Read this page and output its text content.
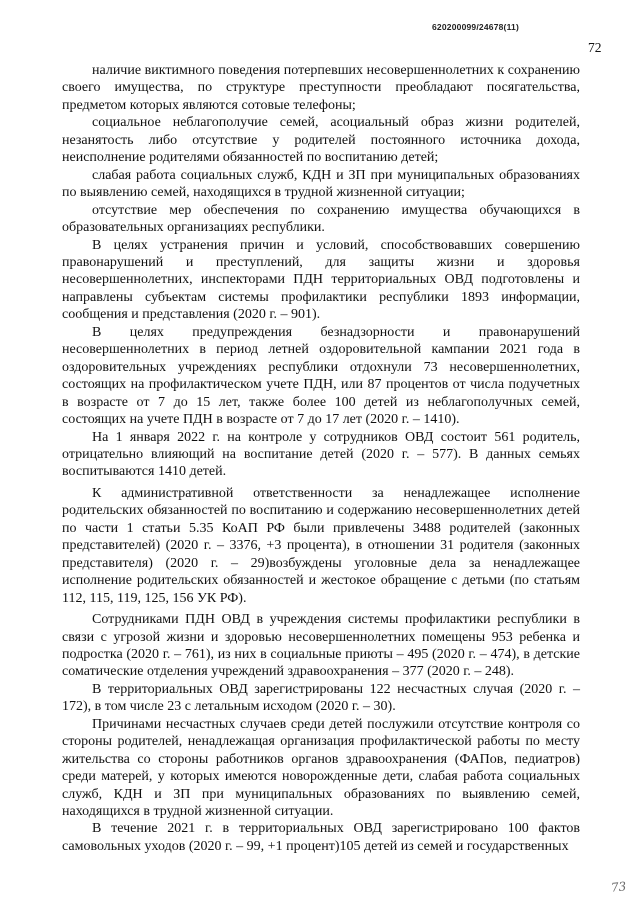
620200099/24678(11)
72

наличие виктимного поведения потерпевших несовершеннолетних к сохранению своего имущества, по структуре преступности преобладают посягательства, предметом которых являются сотовые телефоны;

социальное неблагополучие семей, асоциальный образ жизни родителей, незанятость либо отсутствие у родителей постоянного источника дохода, неисполнение родителями обязанностей по воспитанию детей;

слабая работа социальных служб, КДН и ЗП при муниципальных образованиях по выявлению семей, находящихся в трудной жизненной ситуации;

отсутствие мер обеспечения по сохранению имущества обучающихся в образовательных организациях республики.

В целях устранения причин и условий, способствовавших совершению правонарушений и преступлений, для защиты жизни и здоровья несовершеннолетних, инспекторами ПДН территориальных ОВД подготовлены и направлены субъектам системы профилактики республики 1893 информации, сообщения и представления (2020 г. – 901).

В целях предупреждения безнадзорности и правонарушений несовершеннолетних в период летней оздоровительной кампании 2021 года в оздоровительных учреждениях республики отдохнули 73 несовершеннолетних, состоящих на профилактическом учете ПДН, или 87 процентов от числа подучетных в возрасте от 7 до 15 лет, также более 100 детей из неблагополучных семей, состоящих на учете ПДН в возрасте от 7 до 17 лет (2020 г. – 1410).

На 1 января 2022 г. на контроле у сотрудников ОВД состоит 561 родитель, отрицательно влияющий на воспитание детей (2020 г. – 577). В данных семьях воспитываются 1410 детей.

К административной ответственности за ненадлежащее исполнение родительских обязанностей по воспитанию и содержанию несовершеннолетних детей по части 1 статьи 5.35 КоАП РФ были привлечены 3488 родителей (законных представителей) (2020 г. – 3376, +3 процента), в отношении 31 родителя (законных представителя) (2020 г. – 29)возбуждены уголовные дела за ненадлежащее исполнение родительских обязанностей и жестокое обращение с детьми (по статьям 112, 115, 119, 125, 156 УК РФ).

Сотрудниками ПДН ОВД в учреждения системы профилактики республики в связи с угрозой жизни и здоровью несовершеннолетних помещены 953 ребенка и подростка (2020 г. – 761), из них в социальные приюты – 495 (2020 г. – 474), в детские соматические отделения учреждений здравоохранения – 377 (2020 г. – 248).

В территориальных ОВД зарегистрированы 122 несчастных случая (2020 г. – 172), в том числе 23 с летальным исходом (2020 г. – 30).

Причинами несчастных случаев среди детей послужили отсутствие контроля со стороны родителей, ненадлежащая организация профилактической работы по месту жительства со стороны работников органов здравоохранения (ФАПов, педиатров) среди матерей, у которых имеются новорожденные дети, слабая работа социальных служб, КДН и ЗП при муниципальных образованиях по выявлению семей, находящихся в трудной жизненной ситуации.

В течение 2021 г. в территориальных ОВД зарегистрировано 100 фактов самовольных уходов (2020 г. – 99, +1 процент)105 детей из семей и государственных

73
